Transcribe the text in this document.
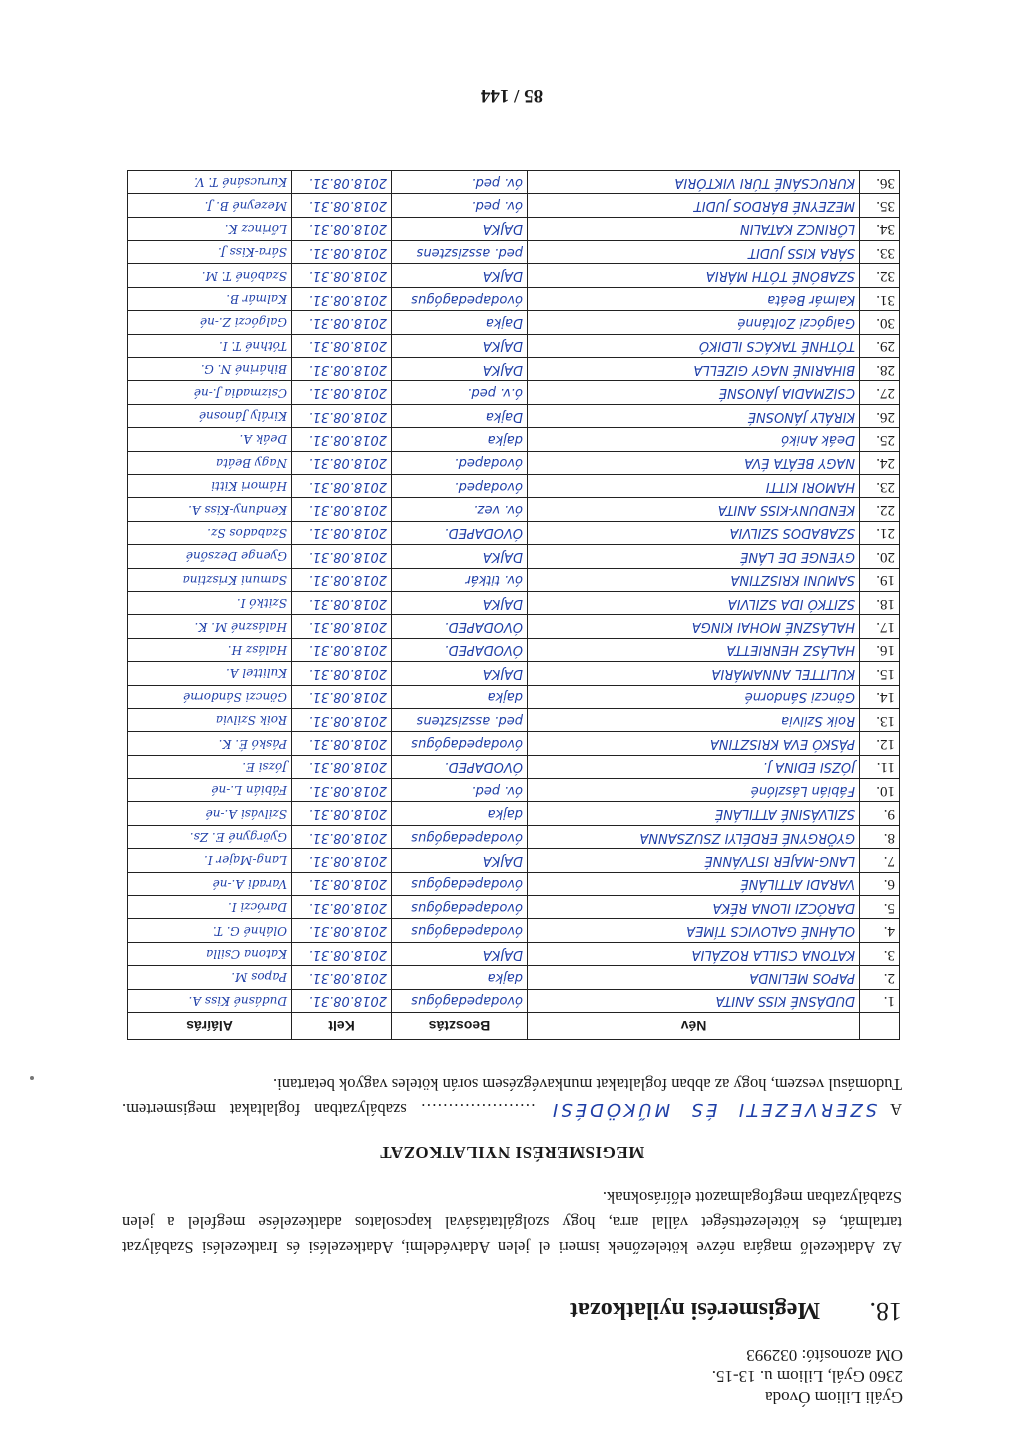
Gyáli Liliom Óvoda
2360 Gyál, Liliom u. 13-15.
OM azonosító: 032993
18.
Megismerési nyilatkozat
Az Adatkezelő magára nézve kötelezőnek ismeri el jelen Adatvédelmi, Adatkezelési és Iratkezelési Szabályzat tartalmát, és kötelezettséget vállal arra, hogy szolgáltatásával kapcsolatos adatkezelése megfelel a jelen Szabályzatban megfogalmazott előírásoknak.
MEGISMERÉSI NYILATKOZAT
A SZERVEZETI ÉS MŰKÖDÉSI ………………… szabályzatban foglaltakat megismertem. Tudomásul veszem, hogy az abban foglaltakat munkavégzésem során köteles vagyok betartani.
	Név	Beosztás	Kelt	Aláírás
1.	DUDÁSNÉ KISS ANITA	óvodapedagógus	2018.08.31.	Dudásné Kiss A.
2.	PAPOS MELINDA	dajka	2018.08.31.	Papos M.
3.	KATONA CSILLA ROZÁLIA	DAJKA	2018.08.31.	Katona Csilla
4.	OLÁHNÉ GALOVICS TÍMEA	óvodapedagógus	2018.08.31.	Oláhné G. T.
5.	DARÓCZI ILONA RÉKA	óvodapedagógus	2018.08.31.	Daróczi I.
6.	VARADI ATTILÁNÉ	óvodapedagógus	2018.08.31.	Varadi A.-né
7.	LANG-MAJER ISTVÁNNÉ	DAJKA	2018.08.31.	Lang-Majer I.
8.	GYÖRGYNÉ ERDÉLYI ZSUZSANNA	óvodapedagógus	2018.08.31.	Györgyné E. Zs.
9.	SZILVÁSINÉ ATTILÁNÉ	dajka	2018.08.31.	Szilvási A.-né
10.	Fábián Lászlóné	óv. ped.	2018.08.31.	Fábián L.-né
11.	JÓZSI EDINA J.	ÓVODAPED.	2018.08.31.	Józsi E.
12.	PÁSKÓ EVA KRISZTINA	óvodapedagógus	2018.08.31.	Páskó É. K.
13.	Roik Szilvia	ped. asszisztens	2018.08.31.	Roik Szilvia
14.	Gönczi Sándorné	dajka	2018.08.31.	Gönczi Sándorné
15.	KULITTEL ANNAMÁRIA	DAJKA	2018.08.31.	Kulittel A.
16.	HALÁSZ HENRIETTA	ÓVODAPED.	2018.08.31.	Halász H.
17.	HALÁSZNÉ MOHAI KINGA	ÓVODAPED.	2018.08.31.	Halászné M. K.
18.	SZITKÓ IDA SZILVIA	DAJKA	2018.08.31.	Szitkó I.
19.	SAMUNI KRISZTINA	óv. titkár	2018.08.31.	Samuni Krisztina
20.	GYENGE DE LÁNÉ	DAJKA	2018.08.31.	Gyenge Dezsőné
21.	SZABADOS SZILVIA	ÓVODAPED.	2018.08.31.	Szabados Sz.
22.	KENDUNY-KISS ANITA	óv. vez.	2018.08.31.	Kenduny-Kiss A.
23.	HAMORI KITTI	óvodaped.	2018.08.31.	Hámori Kitti
24.	NAGY BEÁTA ÉVA	óvodaped.	2018.08.31.	Nagy Beáta
25.	Deák Anikó	dajka	2018.08.31.	Deák A.
26.	KIRÁLY JÁNOSNÉ	Dajka	2018.08.31.	Király Jánosné
27.	CSIZMADIA JÁNOSNÉ	ó.v. ped.	2018.08.31.	Csizmadia J.-né
28.	BIHARINÉ NAGY GIZELLA	DAJKA	2018.08.31.	Biháriné N. G.
29.	TÓTHNÉ TAKÁCS ILDIKÓ	DAJKA	2018.08.31.	Tóthné T. I.
30.	Galgóczi Zoltánné	Dajka	2018.08.31.	Galgóczi Z.-né
31.	Kalmár Beáta	óvodapedagógus	2018.08.31.	Kalmár B.
32.	SZABÓNÉ TÓTH MÁRIA	DAJKA	2018.08.31.	Szabóné T. M.
33.	SÁRA KISS JUDIT	ped. asszisztens	2018.08.31.	Sára-Kiss J.
34.	LŐRINCZ KATALIN	DAJKA	2018.08.31.	Lőrincz K.
35.	MEZEYNÉ BÁRDOS JUDIT	óv. ped.	2018.08.31.	Mezeyné B. J.
36.	KURUCSÁNÉ TÚRI VIKTÓRIA	óv. ped.	2018.08.31.	Kurucsáné T. V.
85 / 144
